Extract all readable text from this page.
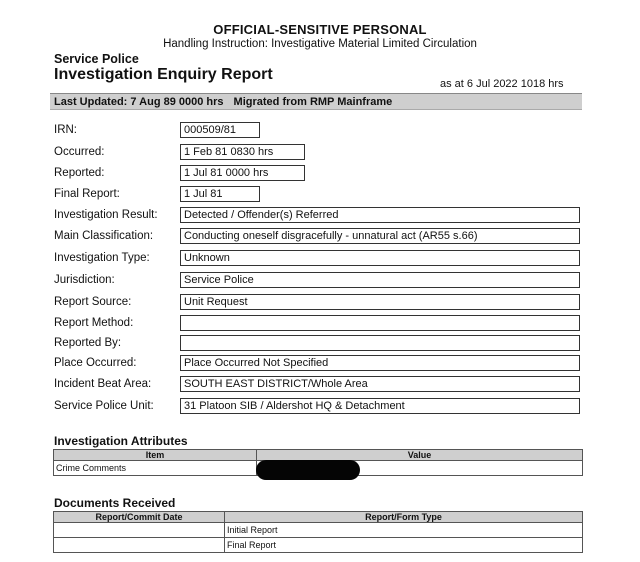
OFFICIAL-SENSITIVE PERSONAL
Handling Instruction: Investigative Material Limited Circulation
Service Police
Investigation Enquiry Report
as at 6 Jul 2022 1018 hrs
Last Updated: 7 Aug 89 0000 hrs Migrated from RMP Mainframe
IRN:	000509/81
Occurred:	1 Feb 81 0830 hrs
Reported:	1 Jul 81 0000 hrs
Final Report:	1 Jul 81
Investigation Result:	Detected / Offender(s) Referred
Main Classification:	Conducting oneself disgracefully - unnatural act (AR55 s.66)
Investigation Type:	Unknown
Jurisdiction:	Service Police
Report Source:	Unit Request
Report Method:
Reported By:
Place Occurred:	Place Occurred Not Specified
Incident Beat Area:	SOUTH EAST DISTRICT/Whole Area
Service Police Unit:	31 Platoon SIB / Aldershot HQ & Detachment
Investigation Attributes
Item	Value
Crime Comments	
Documents Received
Report/Commit Date	Report/Form Type
	Initial Report
	Final Report
